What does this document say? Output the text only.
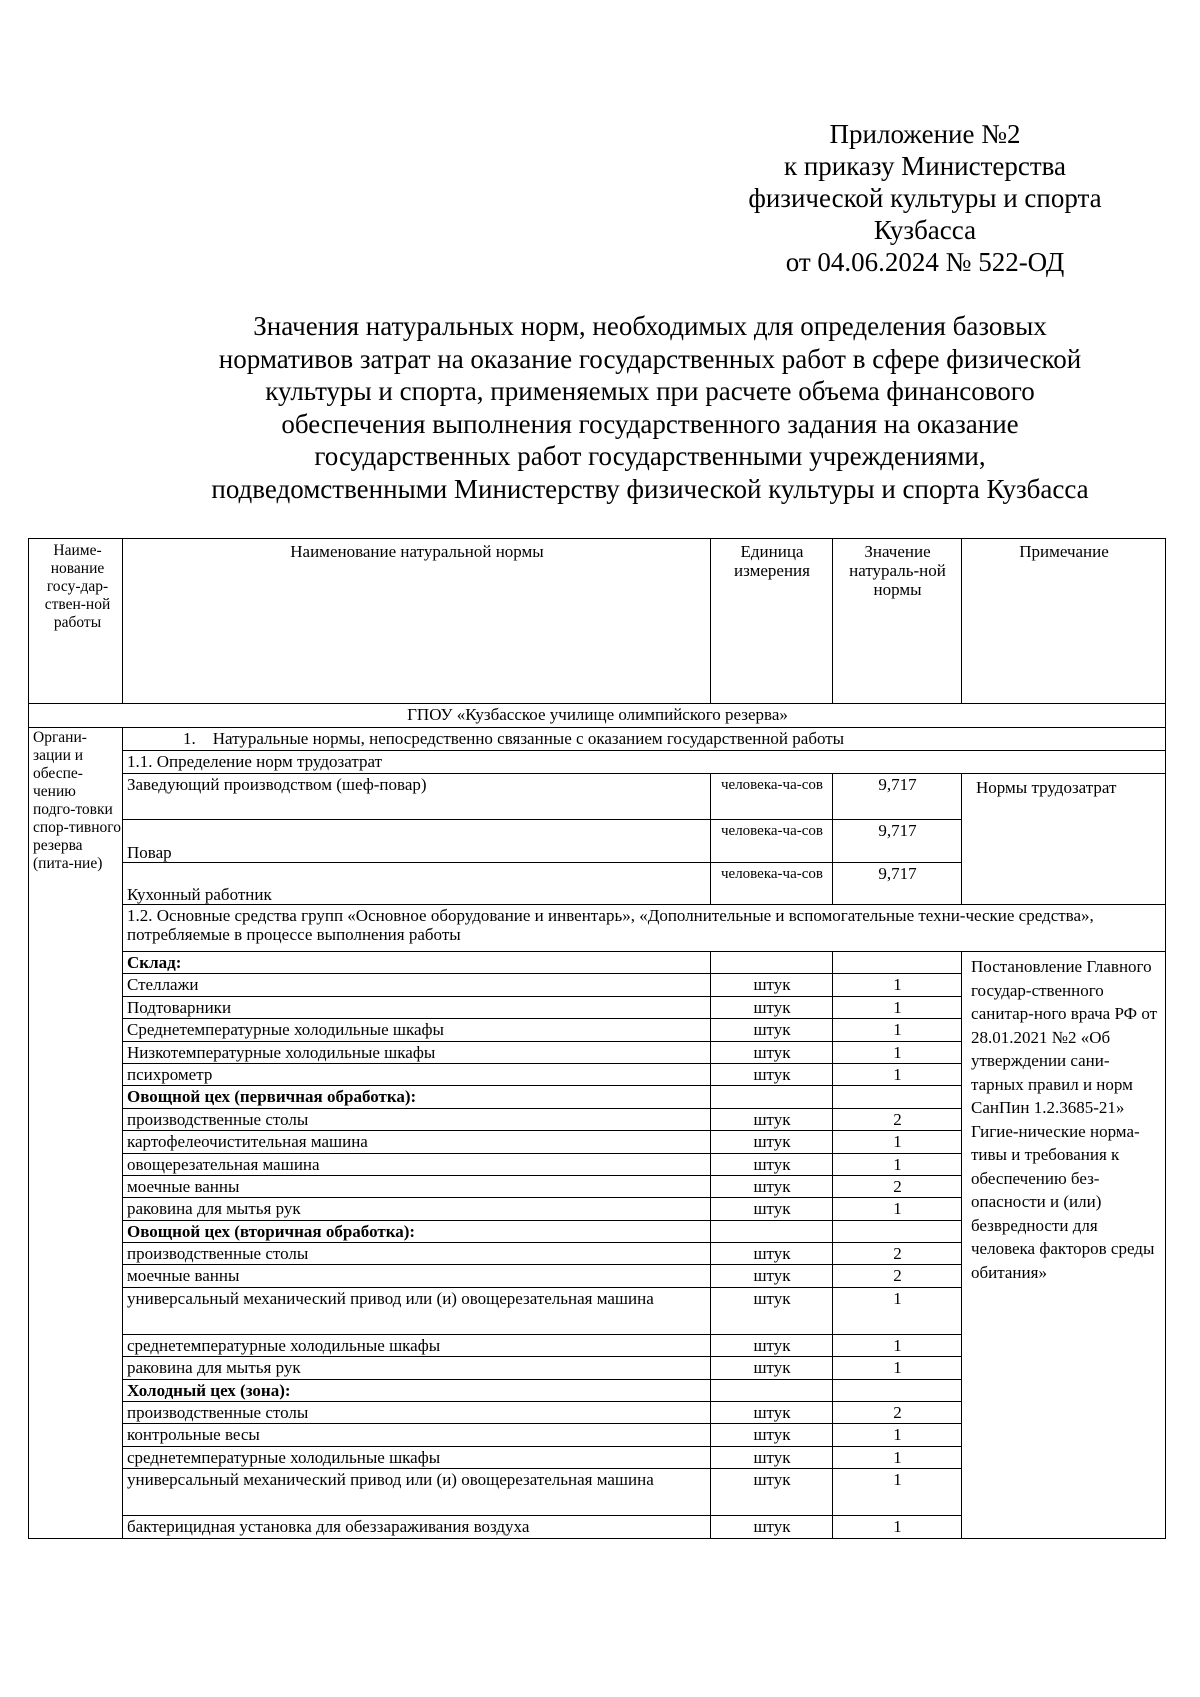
Приложение №2
к приказу Министерства
физической культуры и спорта
Кузбасса
от 04.06.2024 № 522-ОД
Значения натуральных норм, необходимых для определения базовых
нормативов затрат на оказание государственных работ в сфере физической
культуры и спорта, применяемых при расчете объема финансового
обеспечения выполнения государственного задания на оказание
государственных работ государственными учреждениями,
подведомственными Министерству физической культуры и спорта Кузбасса
Наиме-нование госу-дар-ствен-ной работы	Наименование натуральной нормы	Единица измерения	Значение натураль-ной нормы	Примечание
ГПОУ «Кузбасское училище олимпийского резерва»				
Органи-зации и обеспе-чению подго-товки спор-тивного резерва (пита-ние)	1. Натуральные нормы, непосредственно связанные с оказанием государственной работы			
	1.1. Определение норм трудозатрат			
	Заведующий производством (шеф-повар)	человека-ча-сов	9,717	Нормы трудозатрат
	Повар	человека-ча-сов	9,717	
	Кухонный работник	человека-ча-сов	9,717	
	1.2. Основные средства групп «Основное оборудование и инвентарь», «Дополнительные и вспомогательные техни-ческие средства», потребляемые в процессе выполнения работы			
	Склад:			Постановление Главного государ-ственного санитар-ного врача РФ от 28.01.2021 №2 «Об утверждении сани-тарных правил и норм СанПин 1.2.3685-21» Гигие-нические норма-тивы и требования к обеспечению без-опасности и (или) безвредности для человека факторов среды обитания»
	Стеллажи	штук	1	
	Подтоварники	штук	1	
	Среднетемпературные холодильные шкафы	штук	1	
	Низкотемпературные холодильные шкафы	штук	1	
	психрометр	штук	1	
	Овощной цех (первичная обработка):			
	производственные столы	штук	2	
	картофелеочистительная машина	штук	1	
	овощерезательная машина	штук	1	
	моечные ванны	штук	2	
	раковина для мытья рук	штук	1	
	Овощной цех (вторичная обработка):			
	производственные столы	штук	2	
	моечные ванны	штук	2	
	универсальный механический привод или (и) овощерезательная машина	штук	1	
	среднетемпературные холодильные шкафы	штук	1	
	раковина для мытья рук	штук	1	
	Холодный цех (зона):			
	производственные столы	штук	2	
	контрольные весы	штук	1	
	среднетемпературные холодильные шкафы	штук	1	
	универсальный механический привод или (и) овощерезательная машина	штук	1	
	бактерицидная установка для обеззараживания воздуха	штук	1	
